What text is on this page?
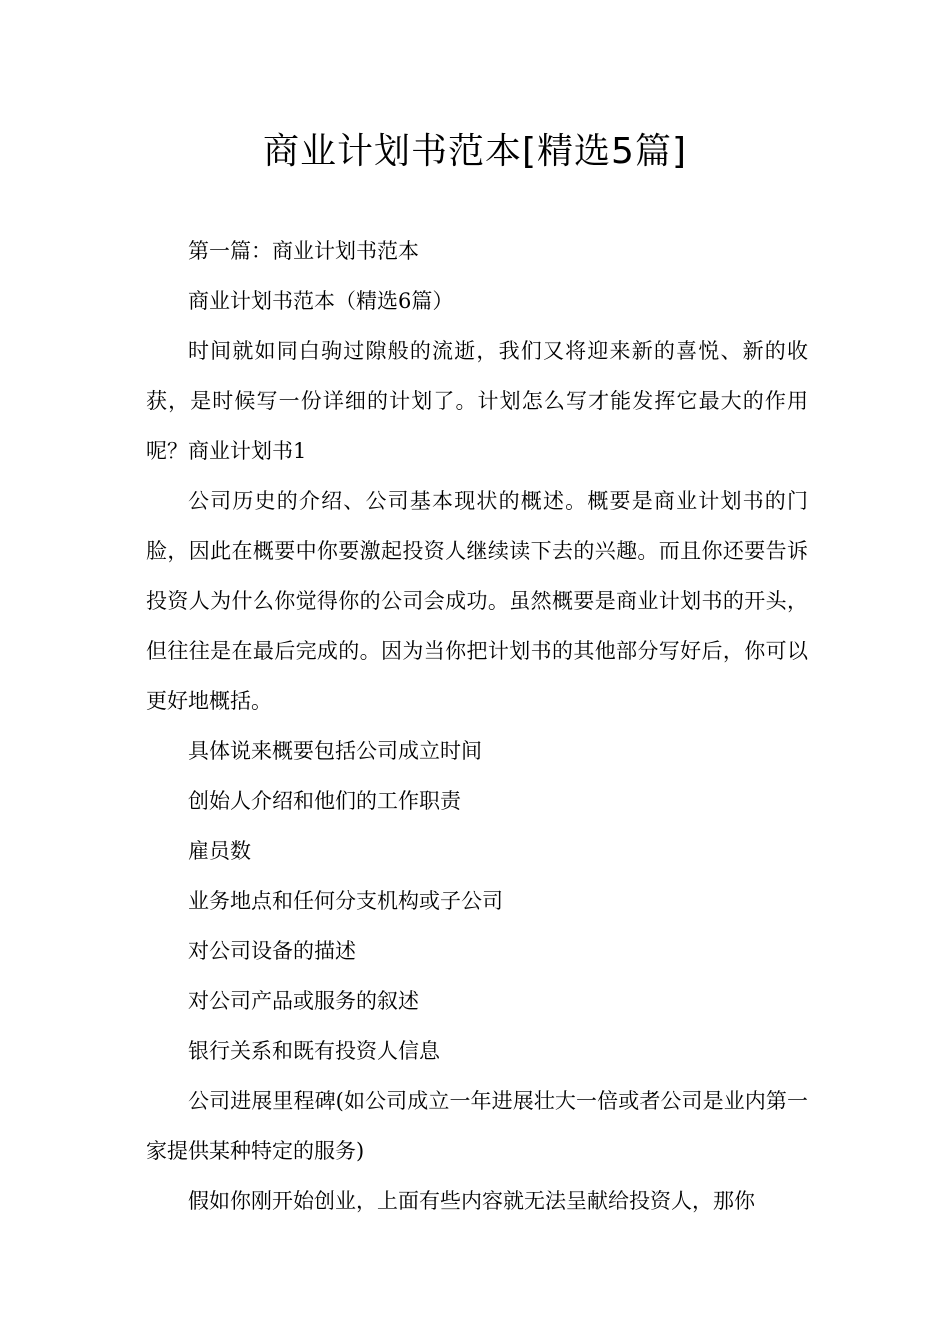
商业计划书范本[精选5篇]

第一篇：商业计划书范本

商业计划书范本（精选6篇）

时间就如同白驹过隙般的流逝，我们又将迎来新的喜悦、新的收获，是时候写一份详细的计划了。计划怎么写才能发挥它最大的作用呢？商业计划书1

公司历史的介绍、公司基本现状的概述。概要是商业计划书的门脸，因此在概要中你要激起投资人继续读下去的兴趣。而且你还要告诉投资人为什么你觉得你的公司会成功。虽然概要是商业计划书的开头，但往往是在最后完成的。因为当你把计划书的其他部分写好后，你可以更好地概括。

具体说来概要包括公司成立时间

创始人介绍和他们的工作职责

雇员数

业务地点和任何分支机构或子公司

对公司设备的描述

对公司产品或服务的叙述

银行关系和既有投资人信息

公司进展里程碑(如公司成立一年进展壮大一倍或者公司是业内第一家提供某种特定的服务)

假如你刚开始创业，上面有些内容就无法呈献给投资人，那你
